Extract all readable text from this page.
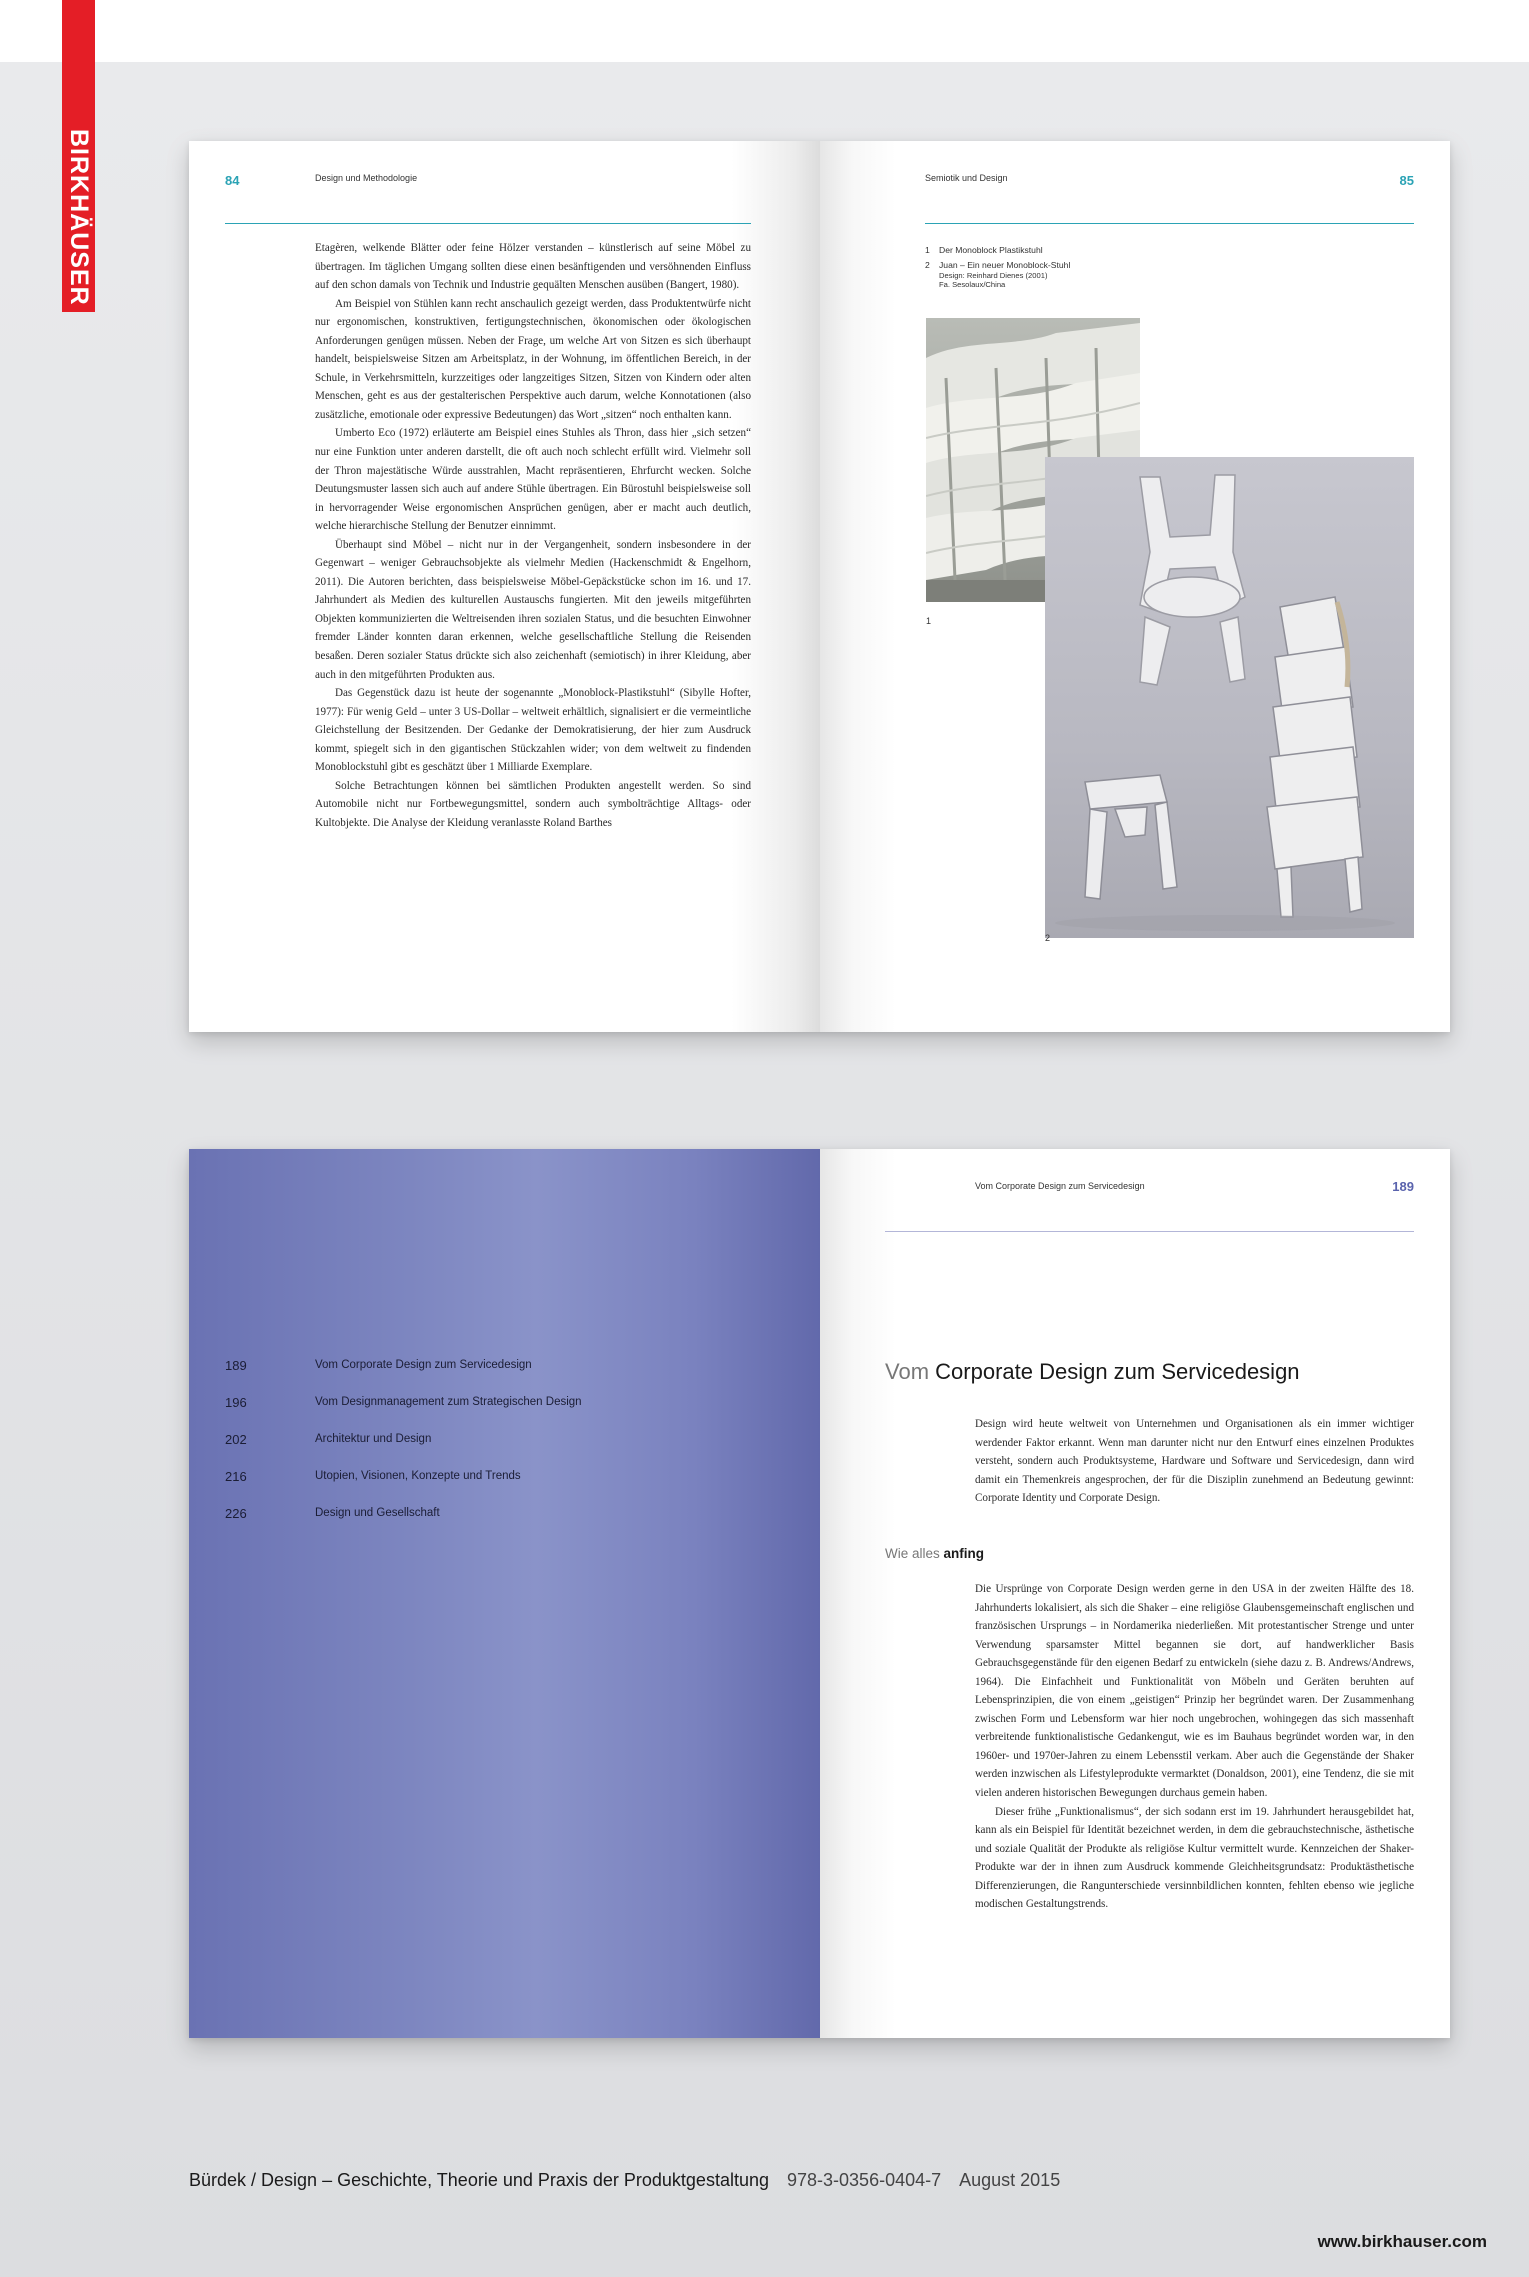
BIRKHÄUSER	84	Design und Methodologie

Etagèren, welkende Blätter oder feine Hölzer verstanden – künstlerisch auf seine Möbel zu übertragen. Im täglichen Umgang sollten diese einen besänftigenden und versöhnenden Einfluss auf den schon damals von Technik und Industrie gequälten Menschen ausüben (Bangert, 1980).

Am Beispiel von Stühlen kann recht anschaulich gezeigt werden, dass Produktentwürfe nicht nur ergonomischen, konstruktiven, fertigungstechnischen, ökonomischen oder ökologischen Anforderungen genügen müssen. Neben der Frage, um welche Art von Sitzen es sich überhaupt handelt, beispielsweise Sitzen am Arbeitsplatz, in der Wohnung, im öffentlichen Bereich, in der Schule, in Verkehrsmitteln, kurzzeitiges oder langzeitiges Sitzen, Sitzen von Kindern oder alten Menschen, geht es aus der gestalterischen Perspektive auch darum, welche Konnotationen (also zusätzliche, emotionale oder expressive Bedeutungen) das Wort „sitzen“ noch enthalten kann.

Umberto Eco (1972) erläuterte am Beispiel eines Stuhles als Thron, dass hier „sich setzen“ nur eine Funktion unter anderen darstellt, die oft auch noch schlecht erfüllt wird. Vielmehr soll der Thron majestätische Würde ausstrahlen, Macht repräsentieren, Ehrfurcht wecken. Solche Deutungsmuster lassen sich auch auf andere Stühle übertragen. Ein Bürostuhl beispielsweise soll in hervorragender Weise ergonomischen Ansprüchen genügen, aber er macht auch deutlich, welche hierarchische Stellung der Benutzer einnimmt.

Überhaupt sind Möbel – nicht nur in der Vergangenheit, sondern insbesondere in der Gegenwart – weniger Gebrauchsobjekte als vielmehr Medien (Hackenschmidt & Engelhorn, 2011). Die Autoren berichten, dass beispielsweise Möbel-Gepäckstücke schon im 16. und 17. Jahrhundert als Medien des kulturellen Austauschs fungierten. Mit den jeweils mitgeführten Objekten kommunizierten die Weltreisenden ihren sozialen Status, und die besuchten Einwohner fremder Länder konnten daran erkennen, welche gesellschaftliche Stellung die Reisenden besaßen. Deren sozialer Status drückte sich also zeichenhaft (semiotisch) in ihrer Kleidung, aber auch in den mitgeführten Produkten aus.

Das Gegenstück dazu ist heute der sogenannte „Monoblock-Plastikstuhl“ (Sibylle Hofter, 1977): Für wenig Geld – unter 3 US-Dollar – weltweit erhältlich, signalisiert er die vermeintliche Gleichstellung der Besitzenden. Der Gedanke der Demokratisierung, der hier zum Ausdruck kommt, spiegelt sich in den gigantischen Stückzahlen wider; von dem weltweit zu findenden Monoblockstuhl gibt es geschätzt über 1 Milliarde Exemplare.

Solche Betrachtungen können bei sämtlichen Produkten angestellt werden. So sind Automobile nicht nur Fortbewegungsmittel, sondern auch symbolträchtige Alltags- oder Kultobjekte. Die Analyse der Kleidung veranlasste Roland Barthes

Semiotik und Design	85
1	Der Monoblock Plastikstuhl
2	Juan – Ein neuer Monoblock-Stuhl
Design: Reinhard Dienes (2001)
Fa. Sesolaux/China
1
2
189	Vom Corporate Design zum Servicedesign
196	Vom Designmanagement zum Strategischen Design
202	Architektur und Design
216	Utopien, Visionen, Konzepte und Trends
226	Design und Gesellschaft
Vom Corporate Design zum Servicedesign	189
Vom Corporate Design zum Servicedesign

Design wird heute weltweit von Unternehmen und Organisationen als ein immer wichtiger werdender Faktor erkannt. Wenn man darunter nicht nur den Entwurf eines einzelnen Produktes versteht, sondern auch Produktsysteme, Hardware und Software und Servicedesign, dann wird damit ein Themenkreis angesprochen, der für die Disziplin zunehmend an Bedeutung gewinnt: Corporate Identity und Corporate Design.

Wie alles anfing

Die Ursprünge von Corporate Design werden gerne in den USA in der zweiten Hälfte des 18. Jahrhunderts lokalisiert, als sich die Shaker – eine religiöse Glaubensgemeinschaft englischen und französischen Ursprungs – in Nordamerika niederließen. Mit protestantischer Strenge und unter Verwendung sparsamster Mittel begannen sie dort, auf handwerklicher Basis Gebrauchsgegenstände für den eigenen Bedarf zu entwickeln (siehe dazu z. B. Andrews/Andrews, 1964). Die Einfachheit und Funktionalität von Möbeln und Geräten beruhten auf Lebensprinzipien, die von einem „geistigen“ Prinzip her begründet waren. Der Zusammenhang zwischen Form und Lebensform war hier noch ungebrochen, wohingegen das sich massenhaft verbreitende funktionalistische Gedankengut, wie es im Bauhaus begründet worden war, in den 1960er- und 1970er-Jahren zu einem Lebensstil verkam. Aber auch die Gegenstände der Shaker werden inzwischen als Lifestyleprodukte vermarktet (Donaldson, 2001), eine Tendenz, die sie mit vielen anderen historischen Bewegungen durchaus gemein haben.

Dieser frühe „Funktionalismus“, der sich sodann erst im 19. Jahrhundert herausgebildet hat, kann als ein Beispiel für Identität bezeichnet werden, in dem die gebrauchstechnische, ästhetische und soziale Qualität der Produkte als religiöse Kultur vermittelt wurde. Kennzeichen der Shaker-Produkte war der in ihnen zum Ausdruck kommende Gleichheitsgrundsatz: Produktästhetische Differenzierungen, die Rangunterschiede versinnbildlichen konnten, fehlten ebenso wie jegliche modischen Gestaltungstrends.

Bürdek / Design – Geschichte, Theorie und Praxis der Produktgestaltung 978-3-0356-0404-7 August 2015
www.birkhauser.com
